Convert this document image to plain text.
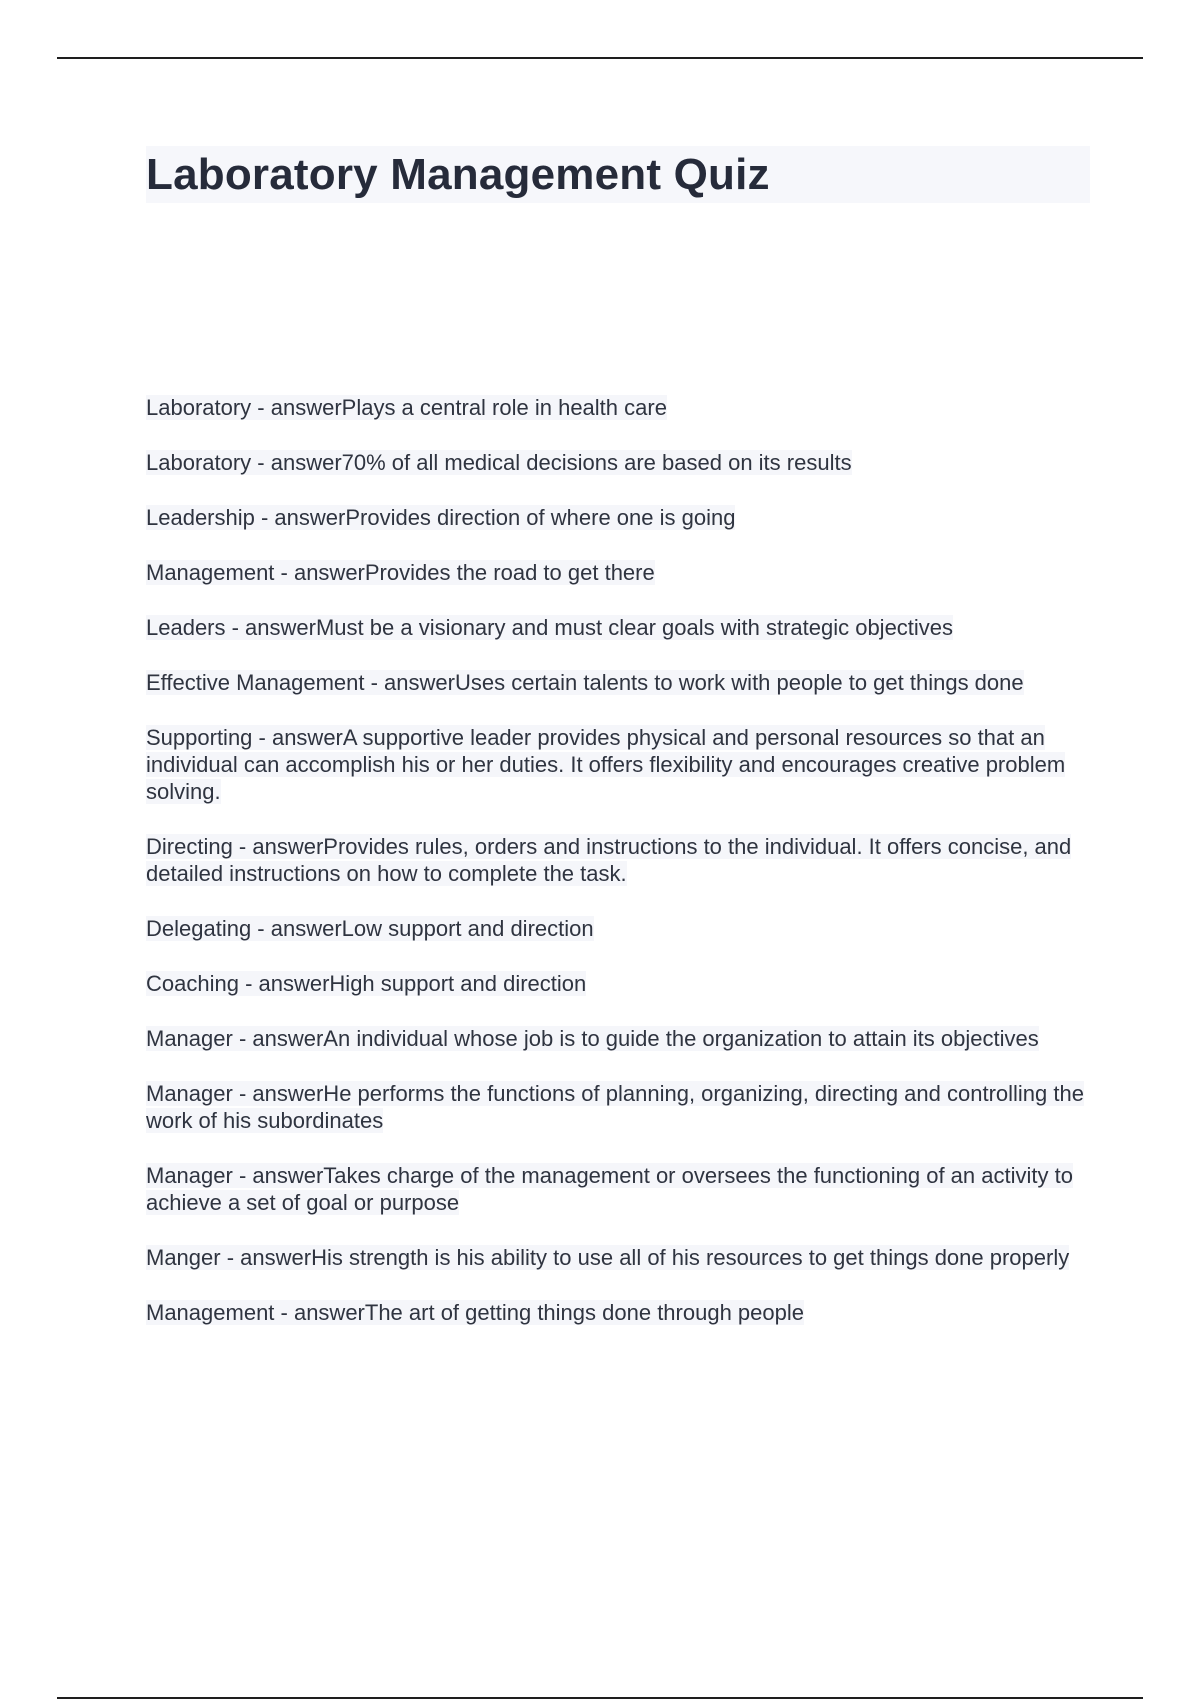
Laboratory Management Quiz

Laboratory - answerPlays a central role in health care

Laboratory - answer70% of all medical decisions are based on its results

Leadership - answerProvides direction of where one is going

Management - answerProvides the road to get there

Leaders - answerMust be a visionary and must clear goals with strategic objectives

Effective Management - answerUses certain talents to work with people to get things done

Supporting - answerA supportive leader provides physical and personal resources so that an individual can accomplish his or her duties. It offers flexibility and encourages creative problem solving.

Directing - answerProvides rules, orders and instructions to the individual. It offers concise, and detailed instructions on how to complete the task.

Delegating - answerLow support and direction

Coaching - answerHigh support and direction

Manager - answerAn individual whose job is to guide the organization to attain its objectives

Manager - answerHe performs the functions of planning, organizing, directing and controlling the work of his subordinates

Manager - answerTakes charge of the management or oversees the functioning of an activity to achieve a set of goal or purpose

Manger - answerHis strength is his ability to use all of his resources to get things done properly

Management - answerThe art of getting things done through people
